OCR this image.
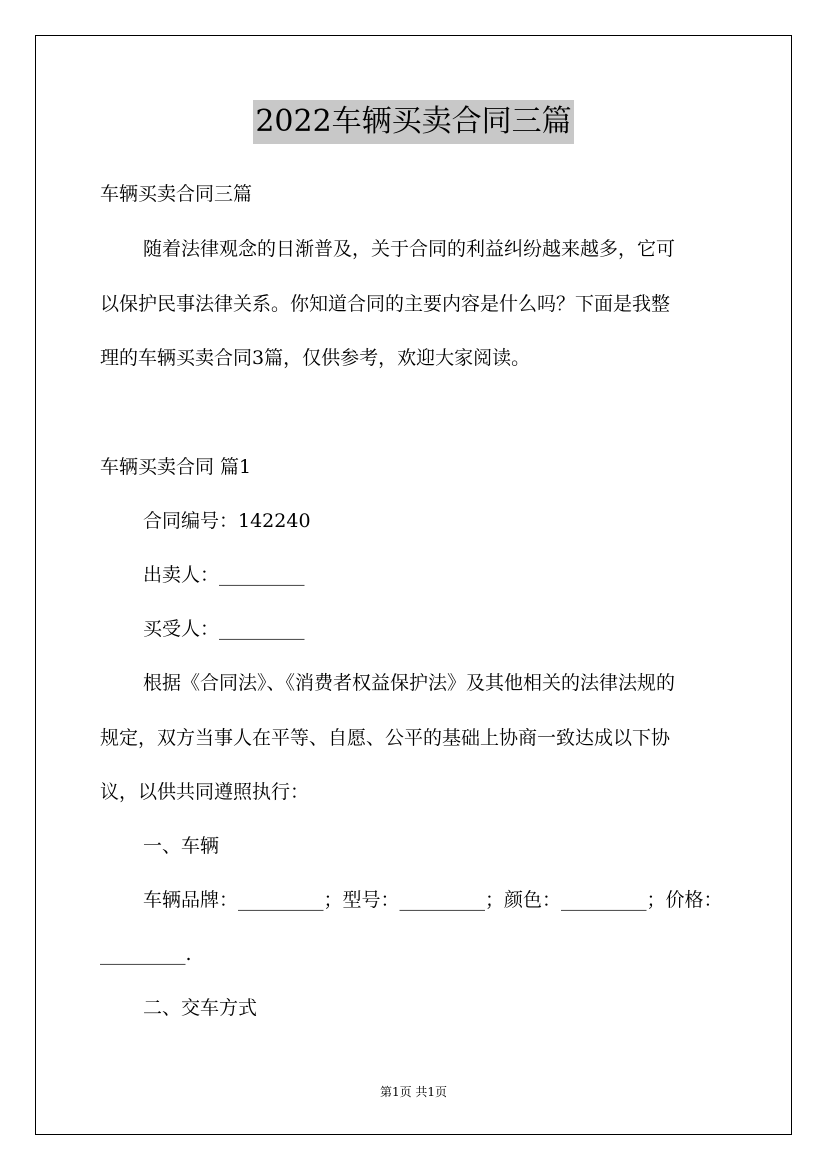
2022车辆买卖合同三篇
车辆买卖合同三篇
随着法律观念的日渐普及，关于合同的利益纠纷越来越多，它可
以保护民事法律关系。你知道合同的主要内容是什么吗？下面是我整
理的车辆买卖合同3篇，仅供参考，欢迎大家阅读。
车辆买卖合同 篇1
合同编号：142240
出卖人：_________
买受人：_________
根据《合同法》、《消费者权益保护法》及其他相关的法律法规的
规定，双方当事人在平等、自愿、公平的基础上协商一致达成以下协
议，以供共同遵照执行：
一、车辆
车辆品牌：_________；型号：_________；颜色：_________；价格：
_________.
二、交车方式
第1页 共1页
